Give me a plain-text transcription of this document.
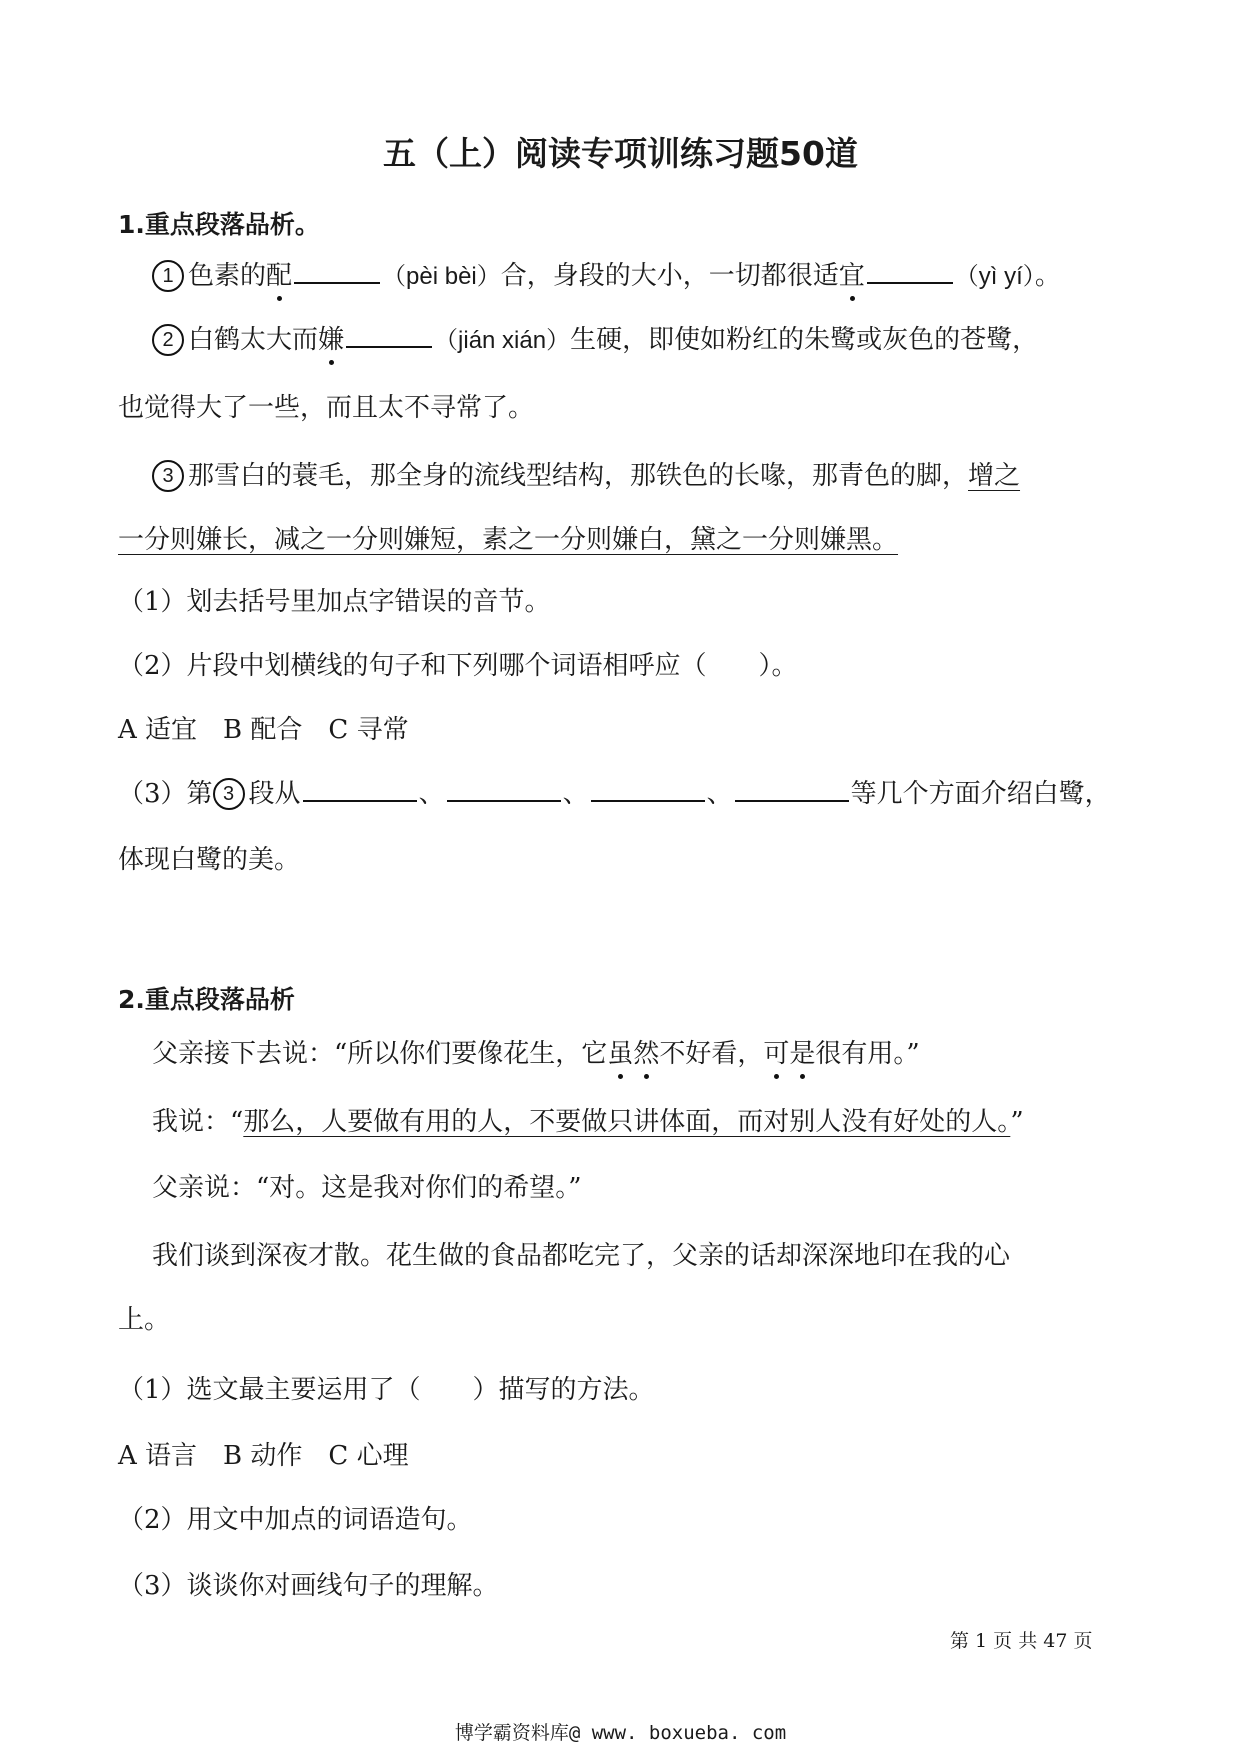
五（上）阅读专项训练习题50道
1.重点段落品析。
1 色素的配	（pèi bèi）合，身段的大小，一切都很适宜	（yì yí）。
2 白鹤太大而嫌	（jián xián）生硬，即使如粉红的朱鹭或灰色的苍鹭，
也觉得大了一些，而且太不寻常了。
3 那雪白的蓑毛，那全身的流线型结构，那铁色的长喙，那青色的脚，增之
一分则嫌长，减之一分则嫌短，素之一分则嫌白，黛之一分则嫌黑。
（1）划去括号里加点字错误的音节。
（2）片段中划横线的句子和下列哪个词语相呼应（　　）。
A 适宜 B 配合 C 寻常
（3）第 3 段从	、	、	、	等几个方面介绍白鹭，
体现白鹭的美。
2.重点段落品析
父亲接下去说：“所以你们要像花生，它虽然不好看，可是很有用。”
我说：“那么，人要做有用的人，不要做只讲体面，而对别人没有好处的人。”
父亲说：“对。这是我对你们的希望。”
我们谈到深夜才散。花生做的食品都吃完了，父亲的话却深深地印在我的心
上。
（1）选文最主要运用了（　　）描写的方法。
A 语言 B 动作 C 心理
（2）用文中加点的词语造句。
（3）谈谈你对画线句子的理解。
第 1 页 共 47 页
博学霸资料库@ www. boxueba. com
